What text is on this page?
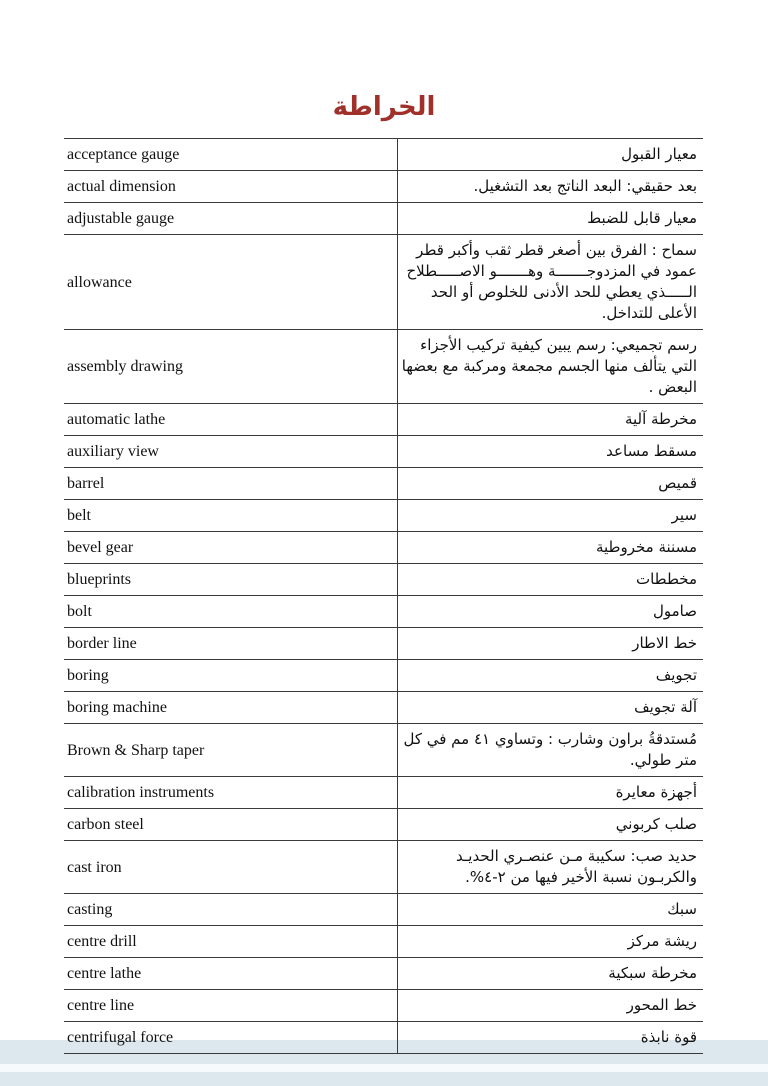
الخراطة
acceptance gauge	معيار القبول
actual dimension	بعد حقيقي: البعد الناتج بعد التشغيل.
adjustable gauge	معيار قابل للضبط
allowance	سماح : الفرق بين أصغر قطر ثقب وأكبر قطر عمود في المزدوجـــــــة وهـــــــو الاصـــــطلاح الـــــذي يعطي للحد الأدنى للخلوص أو الحد الأعلى للتداخل.
assembly drawing	رسم تجميعي: رسم يبين كيفية تركيب الأجزاء التي يتألف منها الجسم مجمعة ومركبة مع بعضها البعض .
automatic lathe	مخرطة آلية
auxiliary view	مسقط مساعد
barrel	قميص
belt	سير
bevel gear	مسننة مخروطية
blueprints	مخططات
bolt	صامول
border line	خط الاطار
boring	تجويف
boring machine	آلة تجويف
Brown & Sharp taper	مُستدقةُ براون وشارب : وتساوي ٤١ مم في كل متر طولي.
calibration instruments	أجهزة معايرة
carbon steel	صلب كربوني
cast iron	حديد صب: سكيبة مـن عنصـري الحديـد والكربـون نسبة الأخير فيها من ٢-٤%.
casting	سبك
centre drill	ريشة مركز
centre lathe	مخرطة سبكية
centre line	خط المحور
centrifugal force	قوة نابذة
